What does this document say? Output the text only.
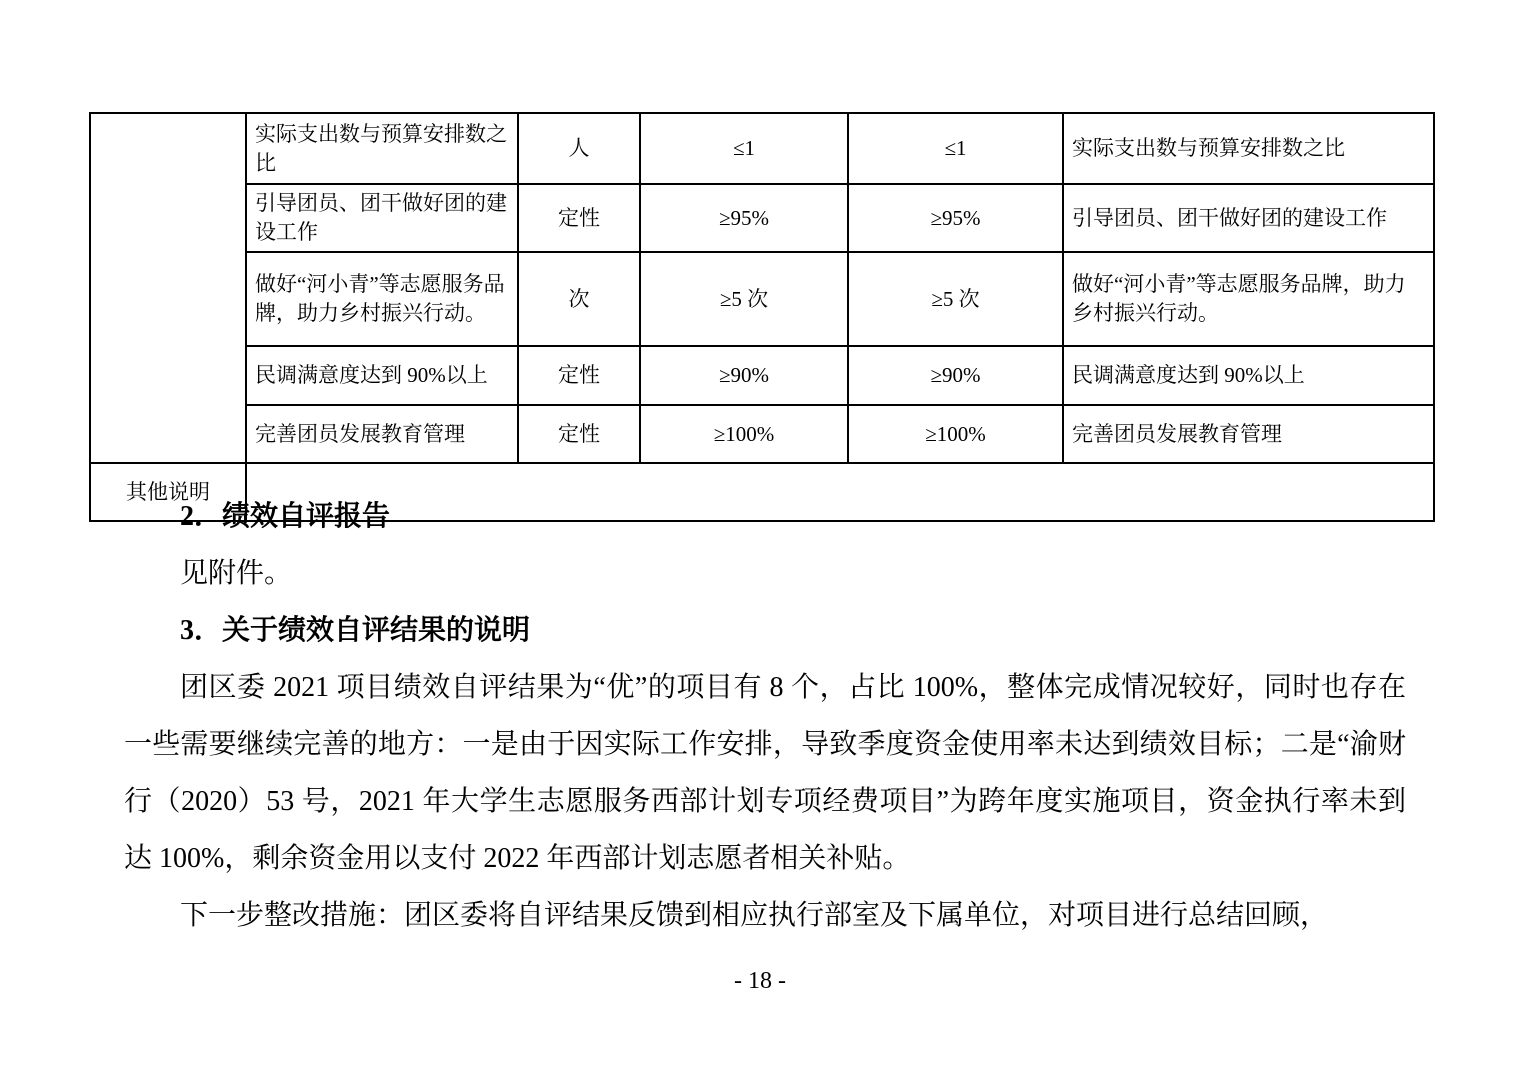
	实际支出数与预算安排数之比	人	≤1	≤1	实际支出数与预算安排数之比
	引导团员、团干做好团的建设工作	定性	≥95%	≥95%	引导团员、团干做好团的建设工作
	做好“河小青”等志愿服务品牌，助力乡村振兴行动。	次	≥5 次	≥5 次	做好“河小青”等志愿服务品牌，助力乡村振兴行动。
	民调满意度达到 90%以上	定性	≥90%	≥90%	民调满意度达到 90%以上
	完善团员发展教育管理	定性	≥100%	≥100%	完善团员发展教育管理
其他说明					

2．绩效自评报告

见附件。

3．关于绩效自评结果的说明

团区委 2021 项目绩效自评结果为“优”的项目有 8 个，占比 100%，整体完成情况较好，同时也存在一些需要继续完善的地方：一是由于因实际工作安排，导致季度资金使用率未达到绩效目标；二是“渝财行（2020）53 号，2021 年大学生志愿服务西部计划专项经费项目”为跨年度实施项目，资金执行率未到达 100%，剩余资金用以支付 2022 年西部计划志愿者相关补贴。

下一步整改措施：团区委将自评结果反馈到相应执行部室及下属单位，对项目进行总结回顾，

- 18 -
